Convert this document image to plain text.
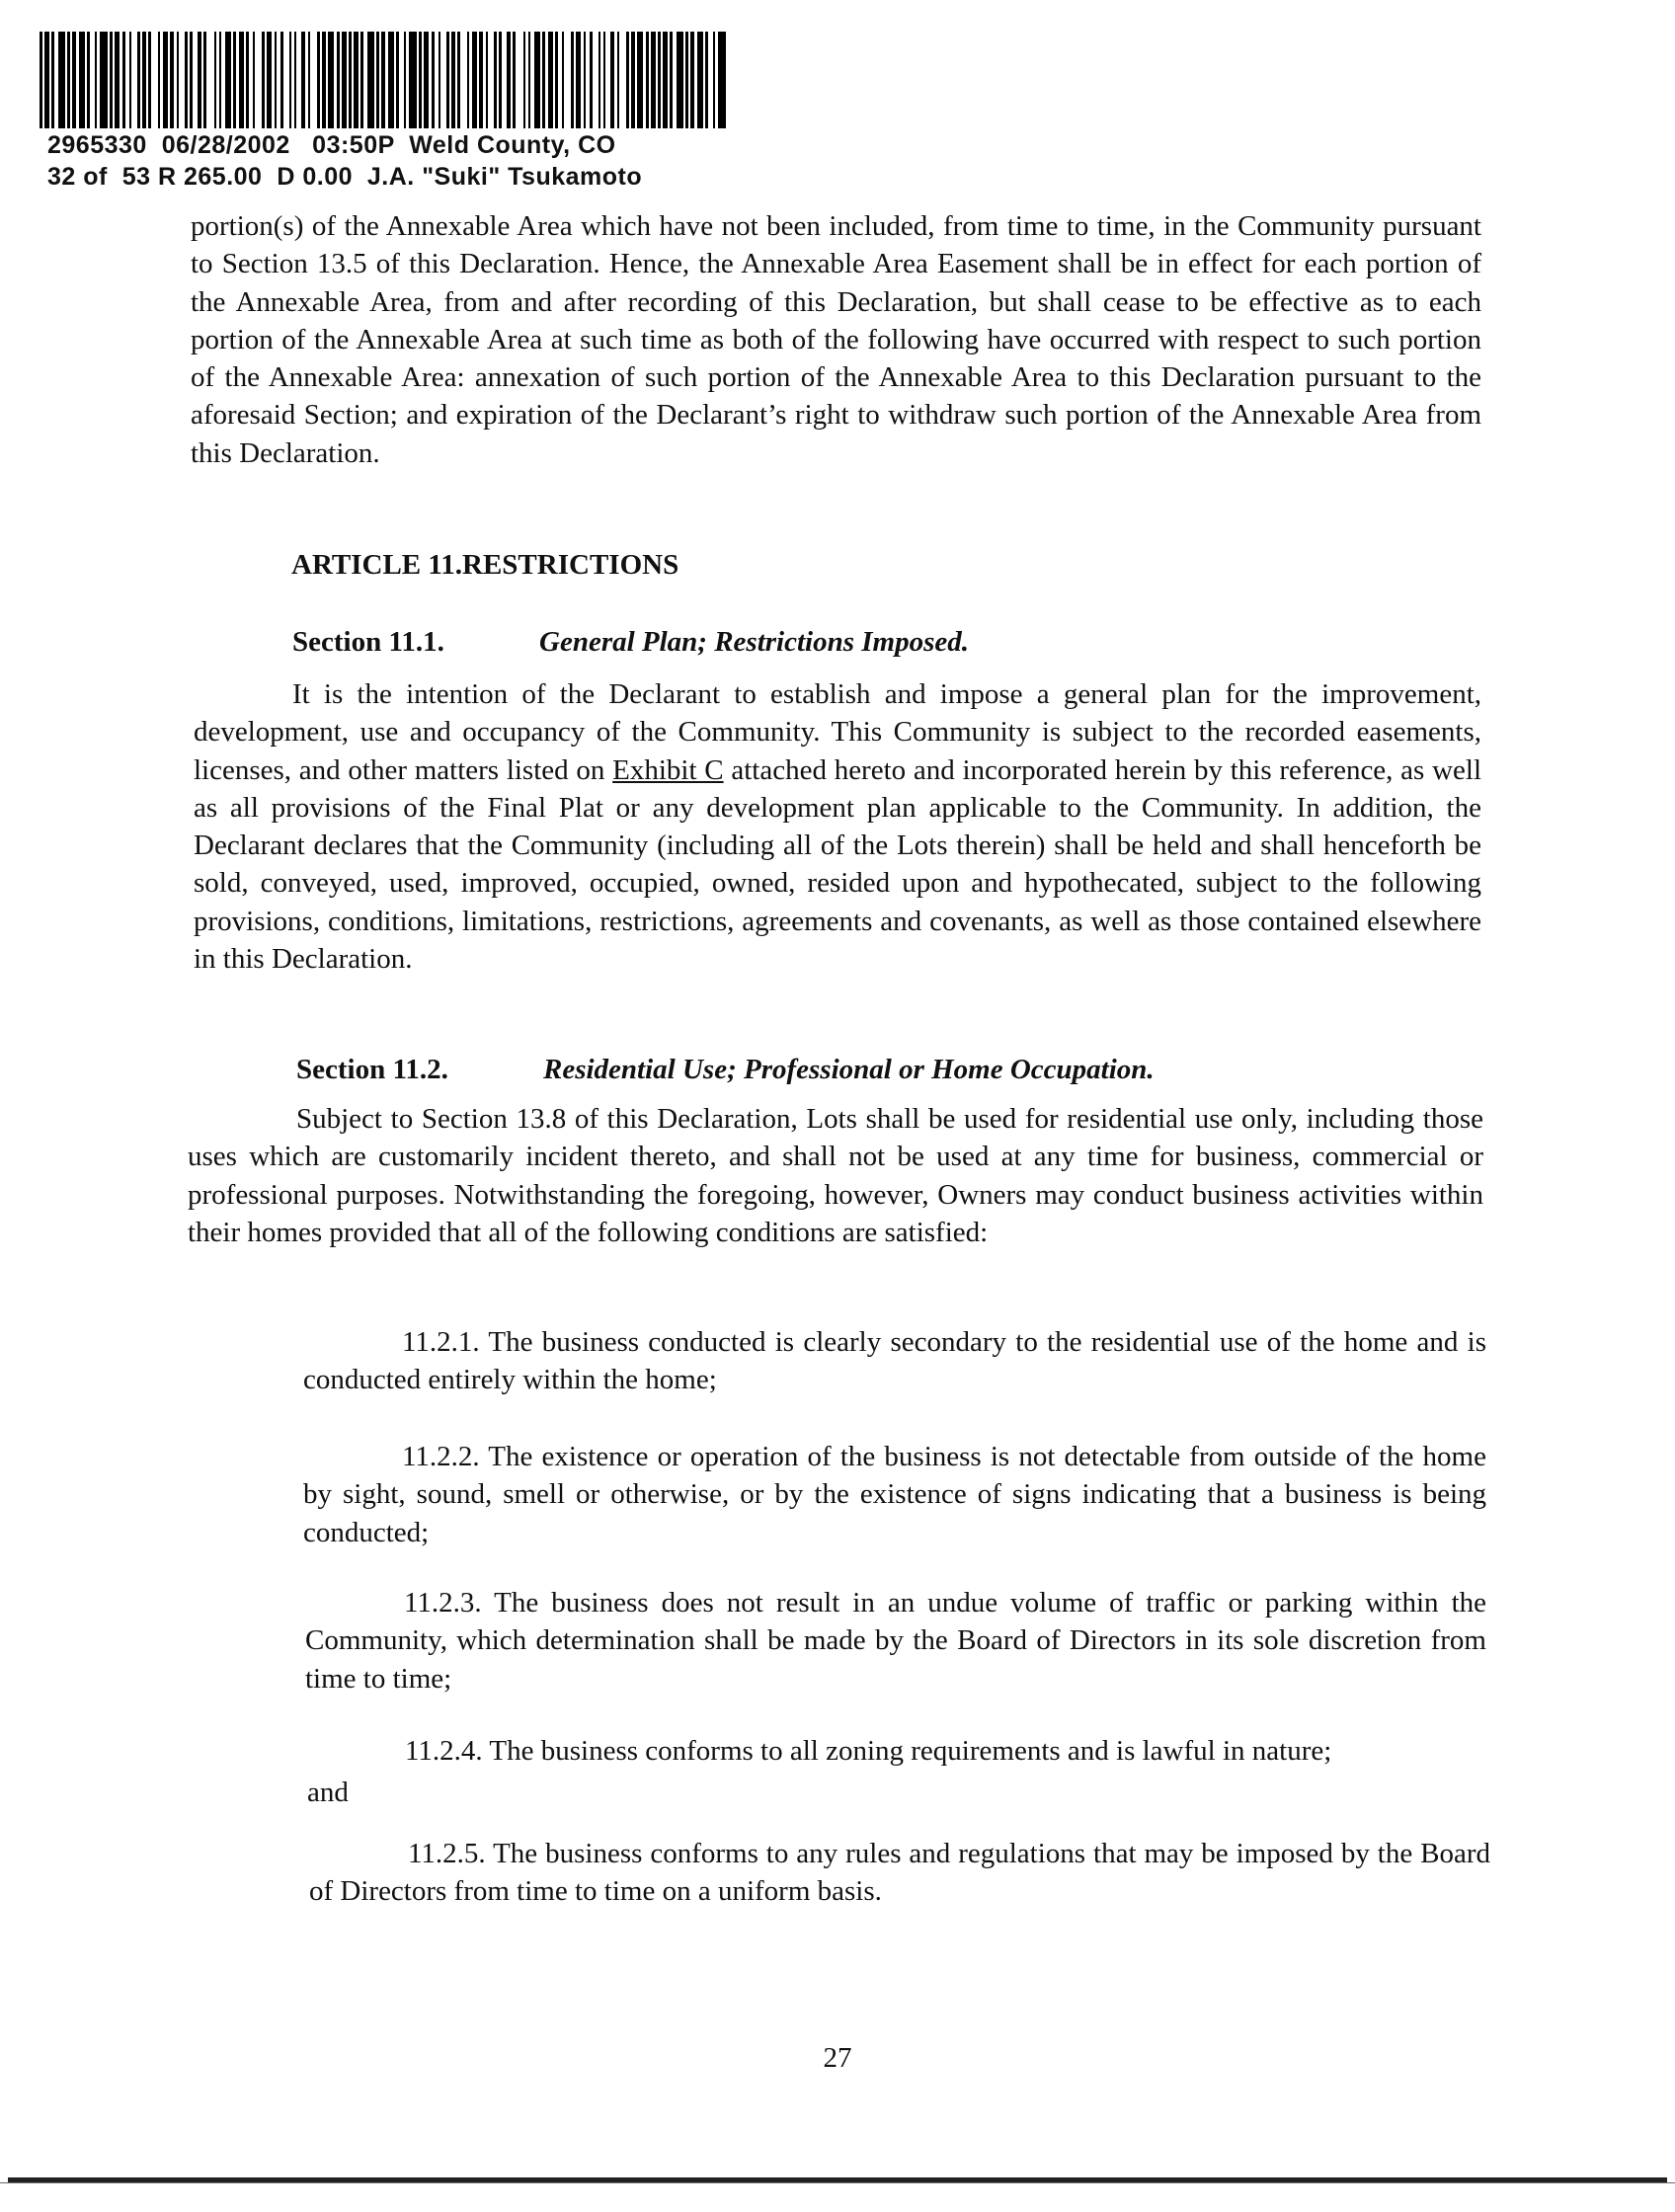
2965330  06/28/2002   03:50P  Weld County, CO
32 of  53 R 265.00  D 0.00  J.A. "Suki" Tsukamoto

portion(s) of the Annexable Area which have not been included, from time to time, in the Community pursuant to Section 13.5 of this Declaration. Hence, the Annexable Area Easement shall be in effect for each portion of the Annexable Area, from and after recording of this Declaration, but shall cease to be effective as to each portion of the Annexable Area at such time as both of the following have occurred with respect to such portion of the Annexable Area: annexation of such portion of the Annexable Area to this Declaration pursuant to the aforesaid Section; and expiration of the Declarant’s right to withdraw such portion of the Annexable Area from this Declaration.

ARTICLE 11.RESTRICTIONS
Section 11.1.	General Plan; Restrictions Imposed.

It is the intention of the Declarant to establish and impose a general plan for the improvement, development, use and occupancy of the Community. This Community is subject to the recorded easements, licenses, and other matters listed on Exhibit C attached hereto and incorporated herein by this reference, as well as all provisions of the Final Plat or any development plan applicable to the Community. In addition, the Declarant declares that the Community (including all of the Lots therein) shall be held and shall henceforth be sold, conveyed, used, improved, occupied, owned, resided upon and hypothecated, subject to the following provisions, conditions, limitations, restrictions, agreements and covenants, as well as those contained elsewhere in this Declaration.

Section 11.2.	Residential Use; Professional or Home Occupation.

Subject to Section 13.8 of this Declaration, Lots shall be used for residential use only, including those uses which are customarily incident thereto, and shall not be used at any time for business, commercial or professional purposes. Notwithstanding the foregoing, however, Owners may conduct business activities within their homes provided that all of the following conditions are satisfied:

11.2.1. The business conducted is clearly secondary to the residential use of the home and is conducted entirely within the home;

11.2.2. The existence or operation of the business is not detectable from outside of the home by sight, sound, smell or otherwise, or by the existence of signs indicating that a business is being conducted;

11.2.3. The business does not result in an undue volume of traffic or parking within the Community, which determination shall be made by the Board of Directors in its sole discretion from time to time;

11.2.4. The business conforms to all zoning requirements and is lawful in nature;

and

11.2.5. The business conforms to any rules and regulations that may be imposed by the Board of Directors from time to time on a uniform basis.

27
